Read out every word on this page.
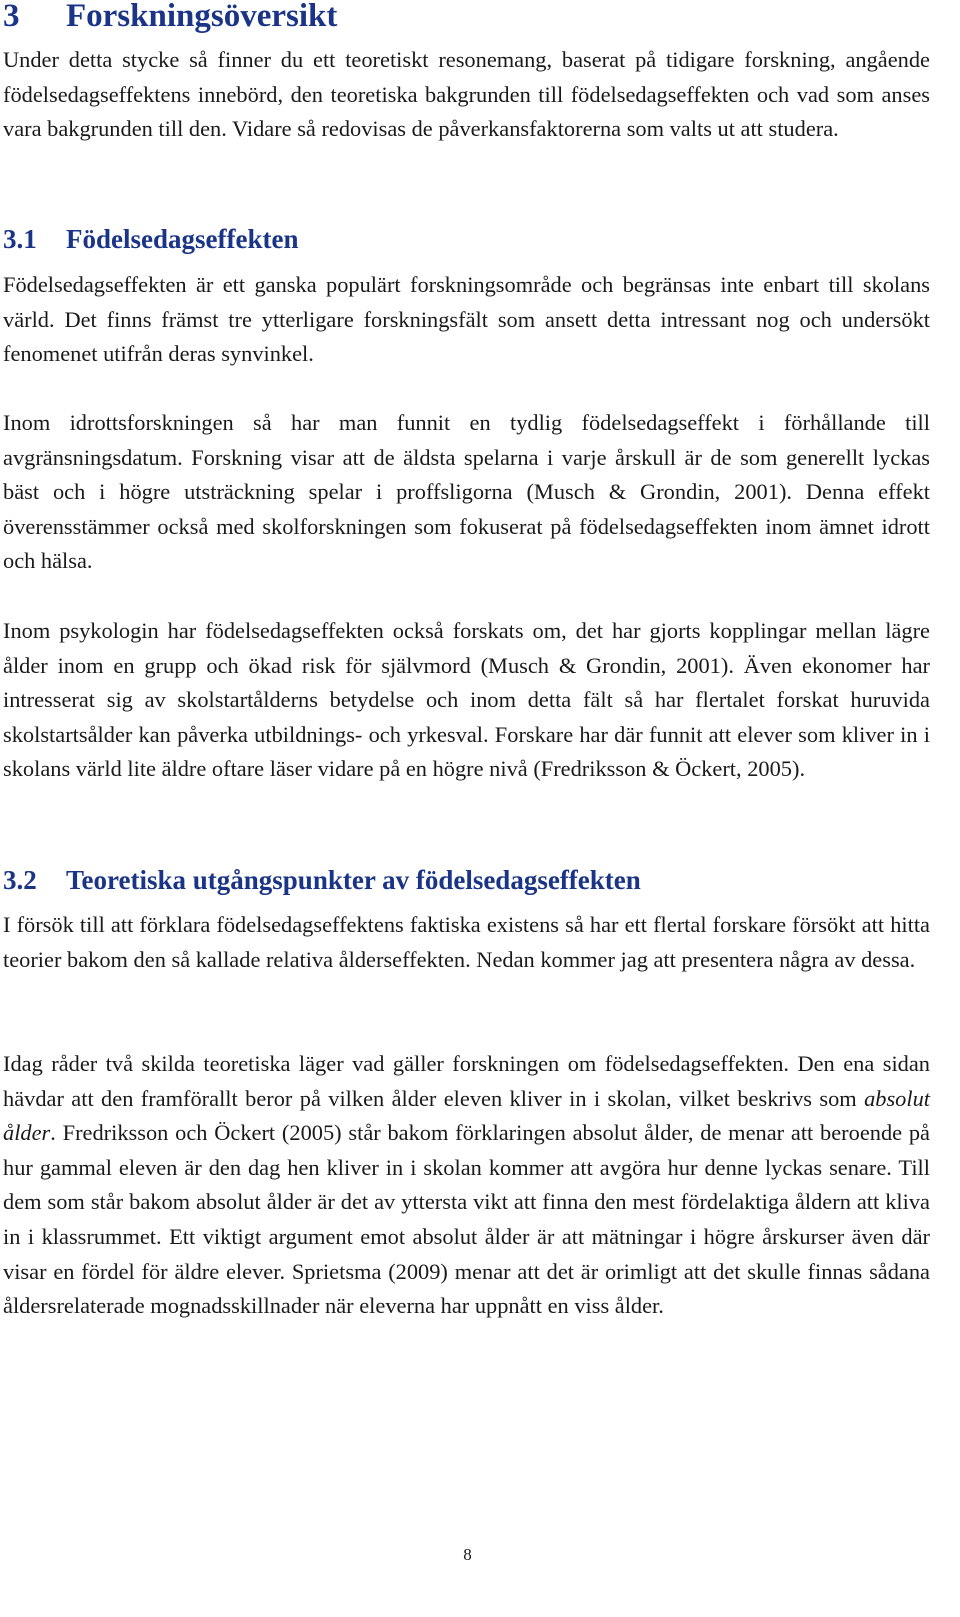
3 Forskningsöversikt

Under detta stycke så finner du ett teoretiskt resonemang, baserat på tidigare forskning, angående födelsedagseffektens innebörd, den teoretiska bakgrunden till födelsedagseffekten och vad som anses vara bakgrunden till den. Vidare så redovisas de påverkansfaktorerna som valts ut att studera.

3.1 Födelsedagseffekten

Födelsedagseffekten är ett ganska populärt forskningsområde och begränsas inte enbart till skolans värld. Det finns främst tre ytterligare forskningsfält som ansett detta intressant nog och undersökt fenomenet utifrån deras synvinkel.

Inom idrottsforskningen så har man funnit en tydlig födelsedagseffekt i förhållande till avgränsningsdatum. Forskning visar att de äldsta spelarna i varje årskull är de som generellt lyckas bäst och i högre utsträckning spelar i proffsligorna (Musch & Grondin, 2001). Denna effekt överensstämmer också med skolforskningen som fokuserat på födelsedagseffekten inom ämnet idrott och hälsa.

Inom psykologin har födelsedagseffekten också forskats om, det har gjorts kopplingar mellan lägre ålder inom en grupp och ökad risk för självmord (Musch & Grondin, 2001). Även ekonomer har intresserat sig av skolstartålderns betydelse och inom detta fält så har flertalet forskat huruvida skolstartsålder kan påverka utbildnings- och yrkesval. Forskare har där funnit att elever som kliver in i skolans värld lite äldre oftare läser vidare på en högre nivå (Fredriksson & Öckert, 2005).

3.2 Teoretiska utgångspunkter av födelsedagseffekten

I försök till att förklara födelsedagseffektens faktiska existens så har ett flertal forskare försökt att hitta teorier bakom den så kallade relativa ålderseffekten. Nedan kommer jag att presentera några av dessa.

Idag råder två skilda teoretiska läger vad gäller forskningen om födelsedagseffekten. Den ena sidan hävdar att den framförallt beror på vilken ålder eleven kliver in i skolan, vilket beskrivs som absolut ålder. Fredriksson och Öckert (2005) står bakom förklaringen absolut ålder, de menar att beroende på hur gammal eleven är den dag hen kliver in i skolan kommer att avgöra hur denne lyckas senare. Till dem som står bakom absolut ålder är det av yttersta vikt att finna den mest fördelaktiga åldern att kliva in i klassrummet. Ett viktigt argument emot absolut ålder är att mätningar i högre årskurser även där visar en fördel för äldre elever. Sprietsma (2009) menar att det är orimligt att det skulle finnas sådana åldersrelaterade mognadsskillnader när eleverna har uppnått en viss ålder.

8
